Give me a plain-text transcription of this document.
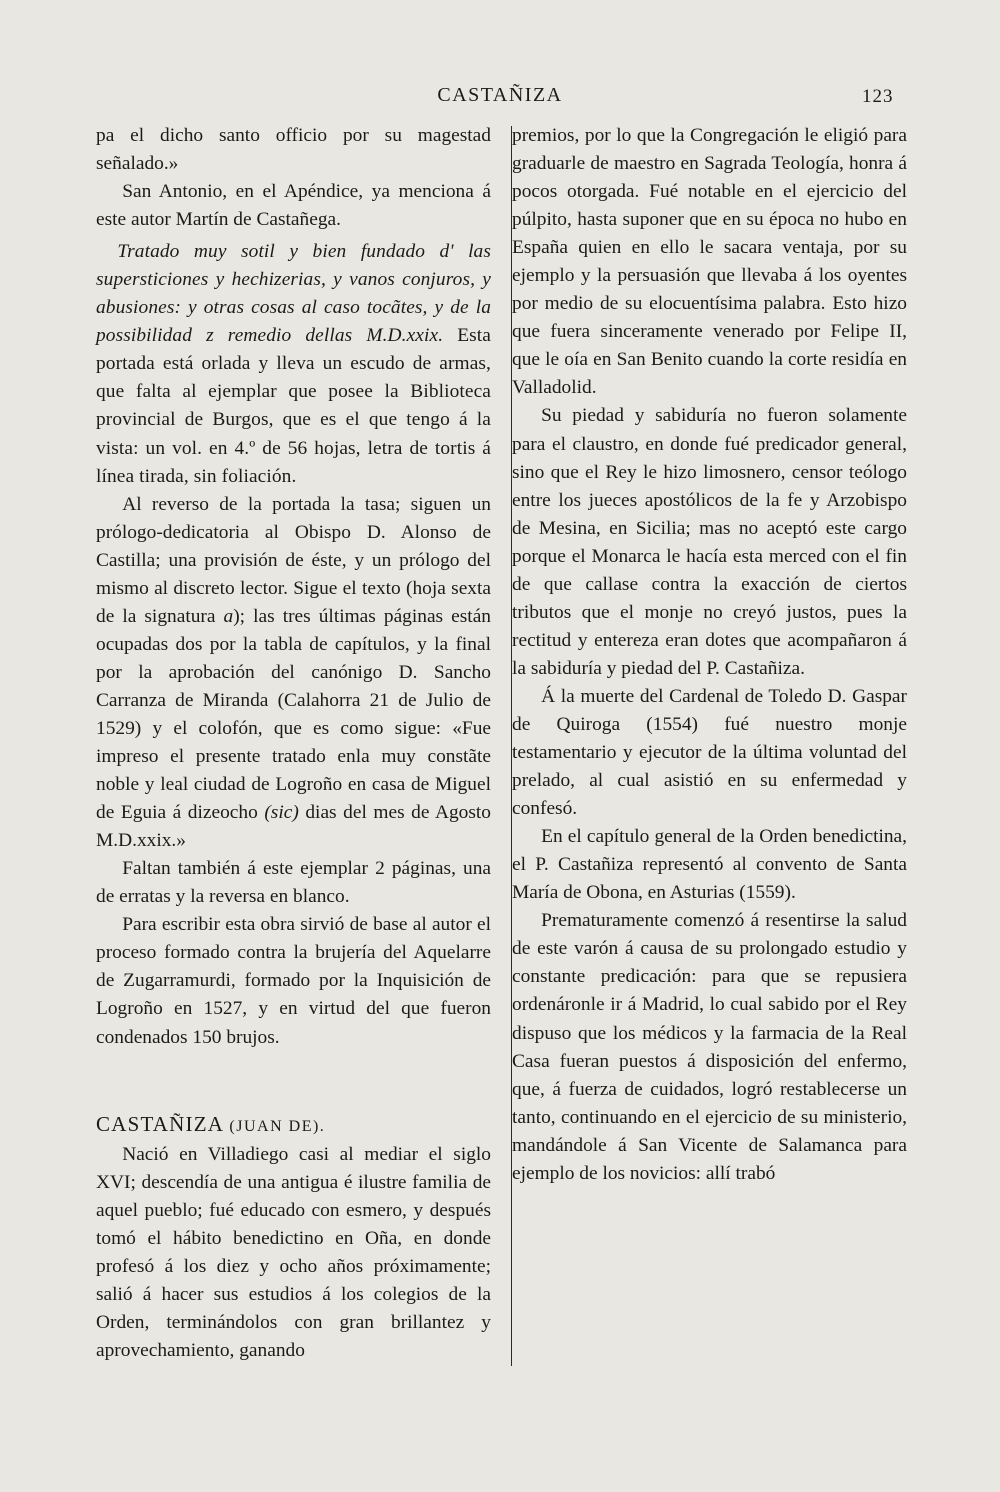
CASTAÑIZA	123

pa el dicho santo officio por su magestad señalado.»

San Antonio, en el Apéndice, ya menciona á este autor Martín de Castañega.

Tratado muy sotil y bien fundado d' las supersticiones y hechizerias, y vanos conjuros, y abusiones: y otras cosas al caso tocãtes, y de la possibilidad z remedio dellas M.D.xxix. Esta portada está orlada y lleva un escudo de armas, que falta al ejemplar que posee la Biblioteca provincial de Burgos, que es el que tengo á la vista: un vol. en 4.º de 56 hojas, letra de tortis á línea tirada, sin foliación.

Al reverso de la portada la tasa; siguen un prólogo-dedicatoria al Obispo D. Alonso de Castilla; una provisión de éste, y un prólogo del mismo al discreto lector. Sigue el texto (hoja sexta de la signatura a); las tres últimas páginas están ocupadas dos por la tabla de capítulos, y la final por la aprobación del canónigo D. Sancho Carranza de Miranda (Calahorra 21 de Julio de 1529) y el colofón, que es como sigue: «Fue impreso el presente tratado enla muy constãte noble y leal ciudad de Logroño en casa de Miguel de Eguia á dizeocho (sic) dias del mes de Agosto M.D.xxix.»

Faltan también á este ejemplar 2 páginas, una de erratas y la reversa en blanco.

Para escribir esta obra sirvió de base al autor el proceso formado contra la brujería del Aquelarre de Zugarramurdi, formado por la Inquisición de Logroño en 1527, y en virtud del que fueron condenados 150 brujos.

CASTAÑIZA (JUAN DE).

Nació en Villadiego casi al mediar el siglo XVI; descendía de una antigua é ilustre familia de aquel pueblo; fué educado con esmero, y después tomó el hábito benedictino en Oña, en donde profesó á los diez y ocho años próximamente; salió á hacer sus estudios á los colegios de la Orden, terminándolos con gran brillantez y aprovechamiento, ganando

premios, por lo que la Congregación le eligió para graduarle de maestro en Sagrada Teología, honra á pocos otorgada. Fué notable en el ejercicio del púlpito, hasta suponer que en su época no hubo en España quien en ello le sacara ventaja, por su ejemplo y la persuasión que llevaba á los oyentes por medio de su elocuentísima palabra. Esto hizo que fuera sinceramente venerado por Felipe II, que le oía en San Benito cuando la corte residía en Valladolid.

Su piedad y sabiduría no fueron solamente para el claustro, en donde fué predicador general, sino que el Rey le hizo limosnero, censor teólogo entre los jueces apostólicos de la fe y Arzobispo de Mesina, en Sicilia; mas no aceptó este cargo porque el Monarca le hacía esta merced con el fin de que callase contra la exacción de ciertos tributos que el monje no creyó justos, pues la rectitud y entereza eran dotes que acompañaron á la sabiduría y piedad del P. Castañiza.

Á la muerte del Cardenal de Toledo D. Gaspar de Quiroga (1554) fué nuestro monje testamentario y ejecutor de la última voluntad del prelado, al cual asistió en su enfermedad y confesó.

En el capítulo general de la Orden benedictina, el P. Castañiza representó al convento de Santa María de Obona, en Asturias (1559).

Prematuramente comenzó á resentirse la salud de este varón á causa de su prolongado estudio y constante predicación: para que se repusiera ordenáronle ir á Madrid, lo cual sabido por el Rey dispuso que los médicos y la farmacia de la Real Casa fueran puestos á disposición del enfermo, que, á fuerza de cuidados, logró restablecerse un tanto, continuando en el ejercicio de su ministerio, mandándole á San Vicente de Salamanca para ejemplo de los novicios: allí trabó
